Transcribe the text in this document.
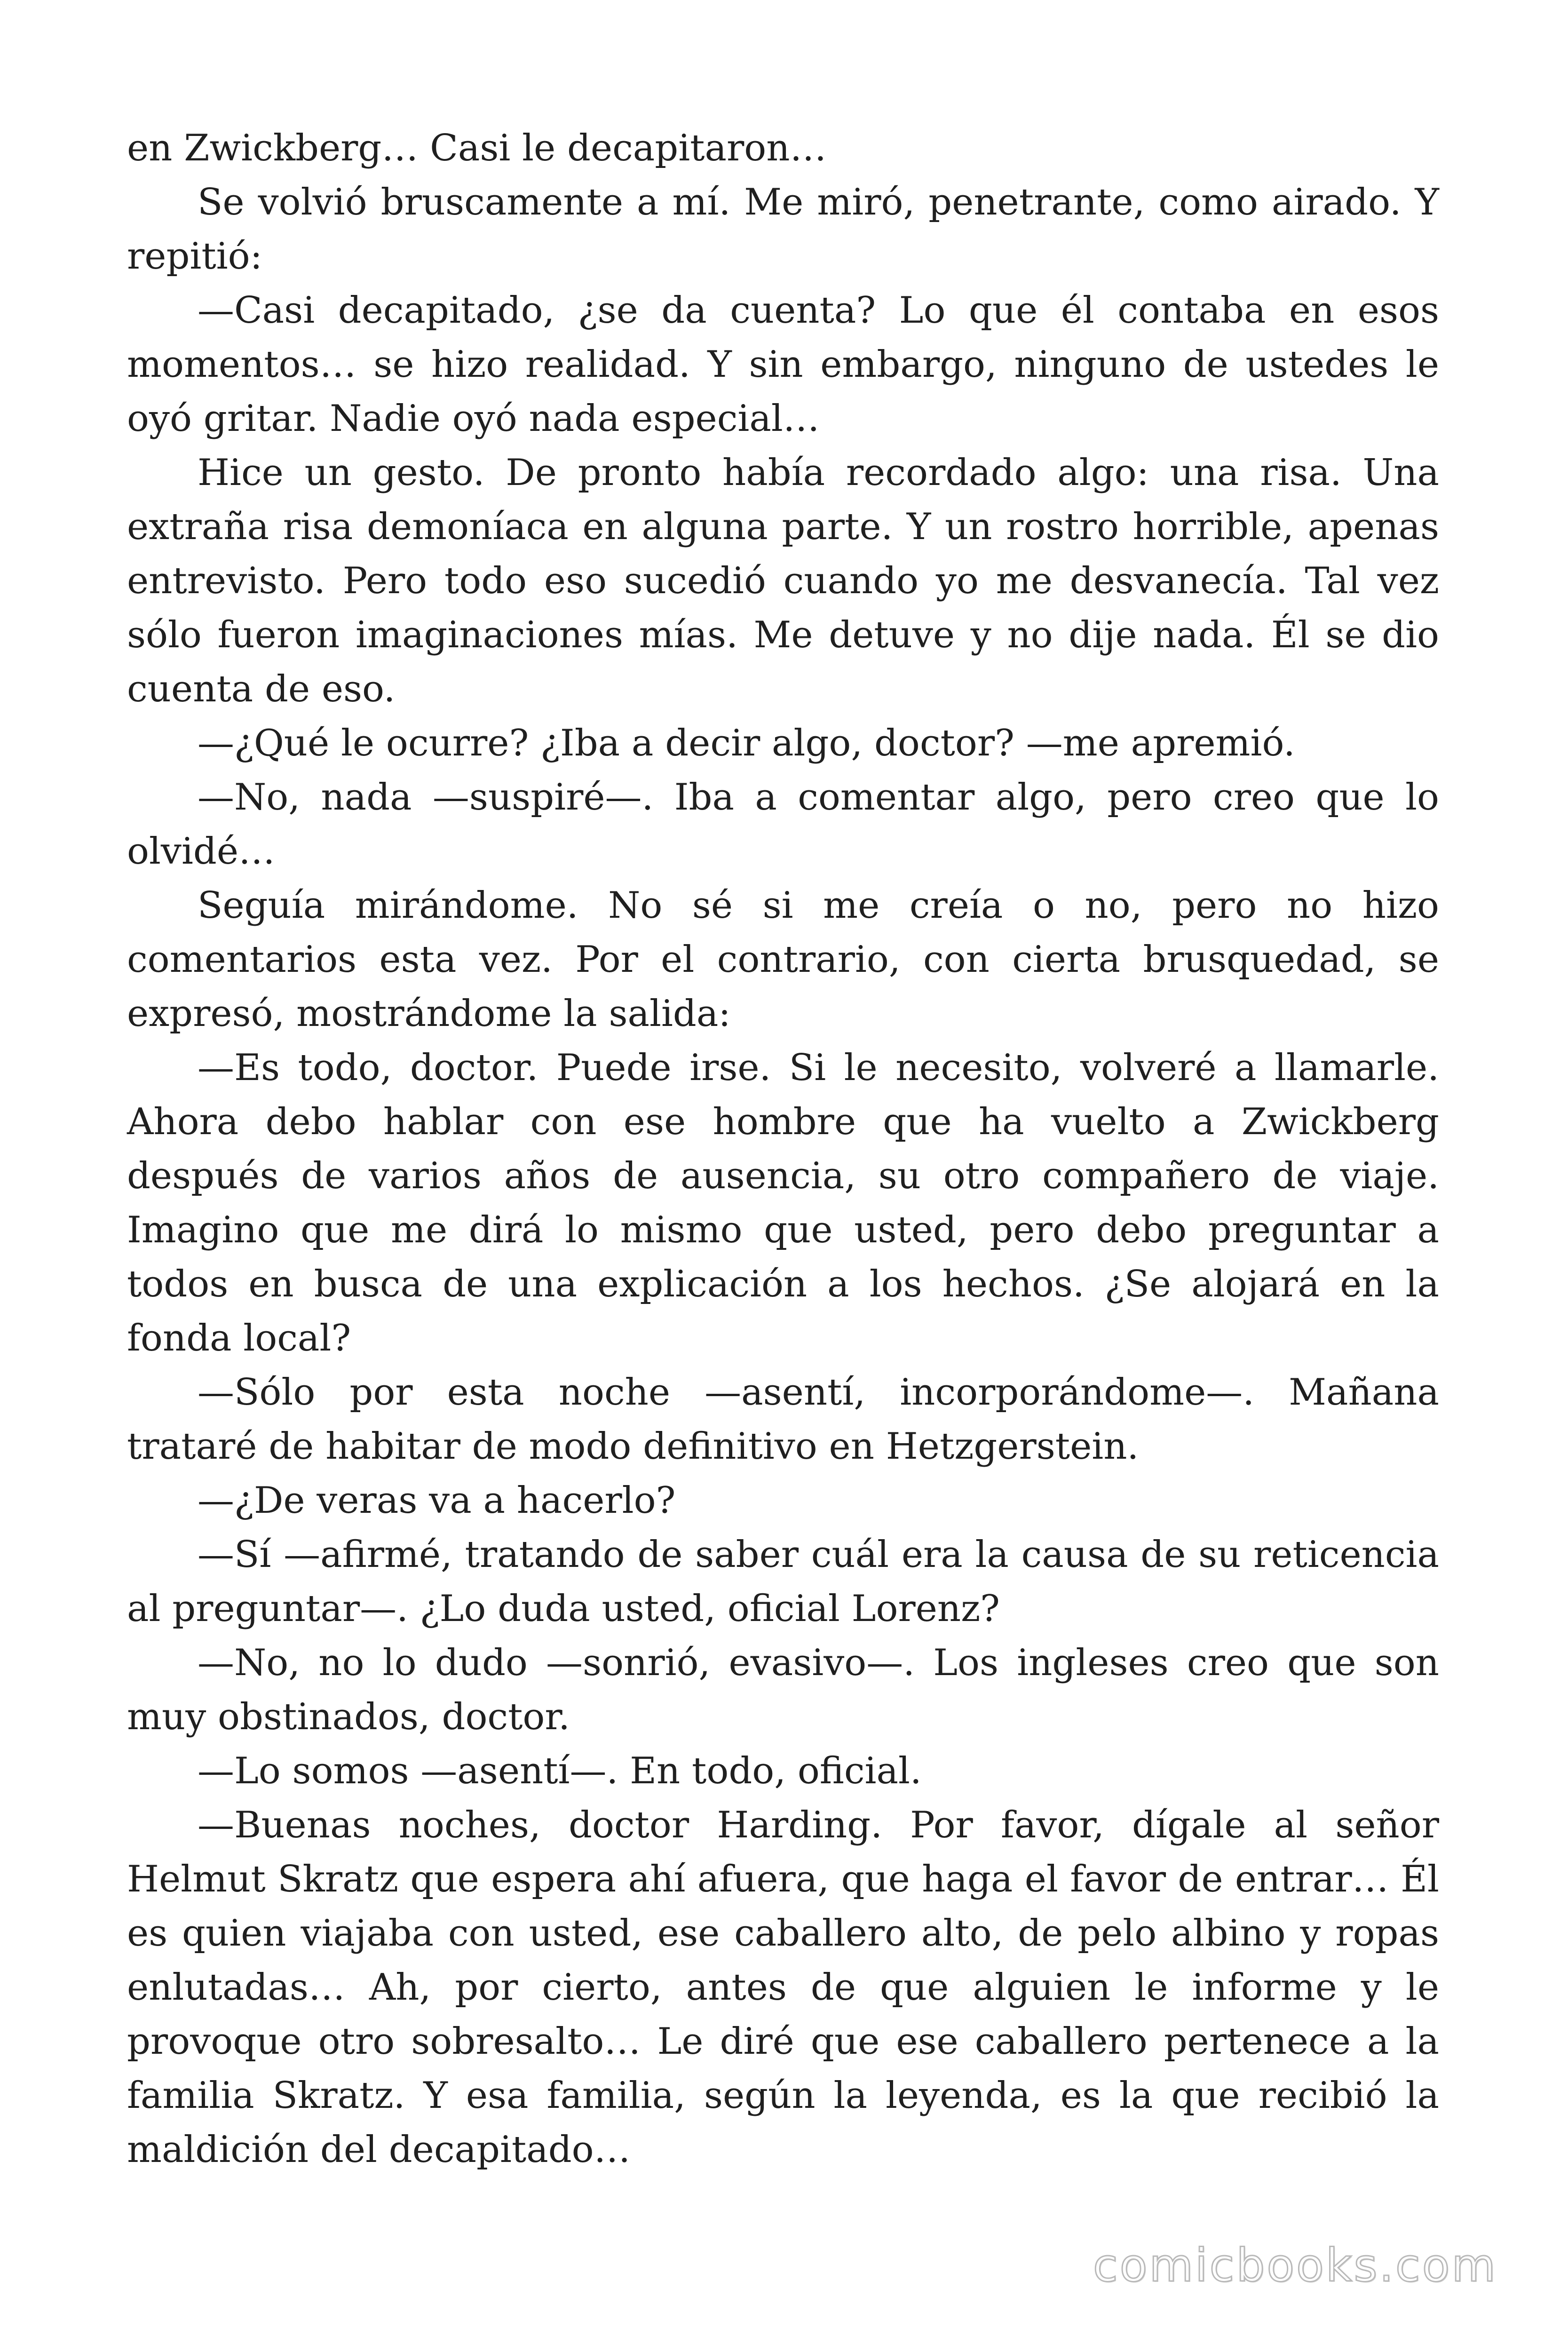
en Zwickberg… Casi le decapitaron…

Se volvió bruscamente a mí. Me miró, penetrante, como airado. Y repitió:

—Casi decapitado, ¿se da cuenta? Lo que él contaba en esos momentos… se hizo realidad. Y sin embargo, ninguno de ustedes le oyó gritar. Nadie oyó nada especial…

Hice un gesto. De pronto había recordado algo: una risa. Una extraña risa demoníaca en alguna parte. Y un rostro horrible, apenas entrevisto. Pero todo eso sucedió cuando yo me desvanecía. Tal vez sólo fueron imaginaciones mías. Me detuve y no dije nada. Él se dio cuenta de eso.

—¿Qué le ocurre? ¿Iba a decir algo, doctor? —me apremió.

—No, nada —suspiré—. Iba a comentar algo, pero creo que lo olvidé…

Seguía mirándome. No sé si me creía o no, pero no hizo comentarios esta vez. Por el contrario, con cierta brusquedad, se expresó, mostrándome la salida:

—Es todo, doctor. Puede irse. Si le necesito, volveré a llamarle. Ahora debo hablar con ese hombre que ha vuelto a Zwickberg después de varios años de ausencia, su otro compañero de viaje. Imagino que me dirá lo mismo que usted, pero debo preguntar a todos en busca de una explicación a los hechos. ¿Se alojará en la fonda local?

—Sólo por esta noche —asentí, incorporándome—. Mañana trataré de habitar de modo definitivo en Hetzgerstein.

—¿De veras va a hacerlo?

—Sí —afirmé, tratando de saber cuál era la causa de su reticencia al preguntar—. ¿Lo duda usted, oficial Lorenz?

—No, no lo dudo —sonrió, evasivo—. Los ingleses creo que son muy obstinados, doctor.

—Lo somos —asentí—. En todo, oficial.

—Buenas noches, doctor Harding. Por favor, dígale al señor Helmut Skratz que espera ahí afuera, que haga el favor de entrar… Él es quien viajaba con usted, ese caballero alto, de pelo albino y ropas enlutadas… Ah, por cierto, antes de que alguien le informe y le provoque otro sobresalto… Le diré que ese caballero pertenece a la familia Skratz. Y esa familia, según la leyenda, es la que recibió la maldición del decapitado…

comicbooks.com
